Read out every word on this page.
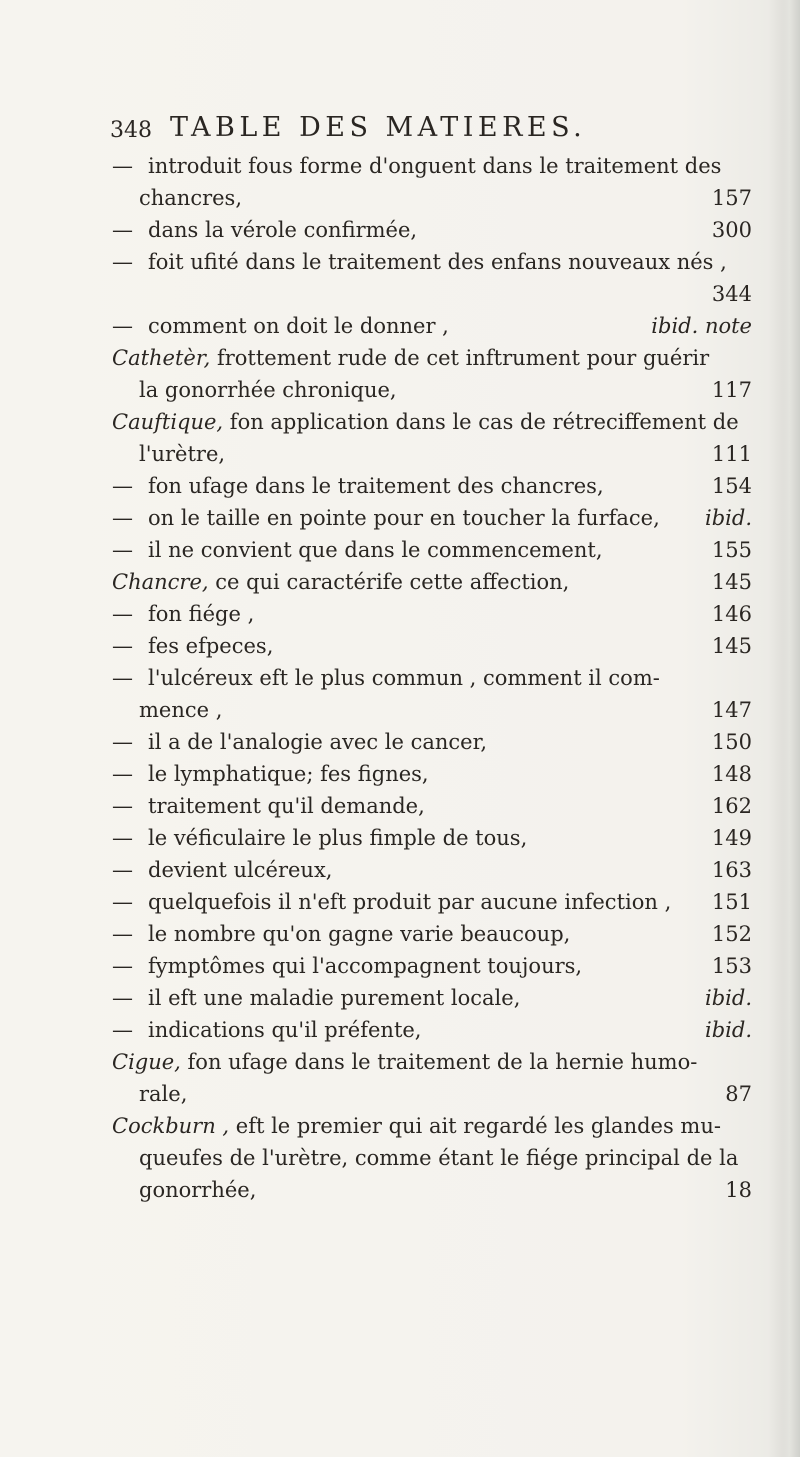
348 TABLE DES MATIERES.
— introduit fous forme d'onguent dans le traitement des
chancres,	157
— dans la vérole confirmée,	300
— foit ufité dans le traitement des enfans nouveaux nés ,
344
— comment on doit le donner ,	ibid. note
Cathetèr, frottement rude de cet inftrument pour guérir
la gonorrhée chronique,	117
Cauftique, fon application dans le cas de rétreciffement de
l'urètre,	111
— fon ufage dans le traitement des chancres,	154
— on le taille en pointe pour en toucher la furface, ibid.
— il ne convient que dans le commencement,	155
Chancre, ce qui caractérife cette affection,	145
— fon fiége ,	146
— fes efpeces,	145
— l'ulcéreux eft le plus commun , comment il com-
mence ,	147
— il a de l'analogie avec le cancer,	150
— le lymphatique; fes fignes,	148
— traitement qu'il demande,	162
— le véficulaire le plus fimple de tous,	149
— devient ulcéreux,	163
— quelquefois il n'eft produit par aucune infection , 151
— le nombre qu'on gagne varie beaucoup,	152
— fymptômes qui l'accompagnent toujours,	153
— il eft une maladie purement locale,	ibid.
— indications qu'il préfente,	ibid.
Cigue, fon ufage dans le traitement de la hernie humo-
rale,	87
Cockburn , eft le premier qui ait regardé les glandes mu-
queufes de l'urètre, comme étant le fiége principal de la
gonorrhée,	18
